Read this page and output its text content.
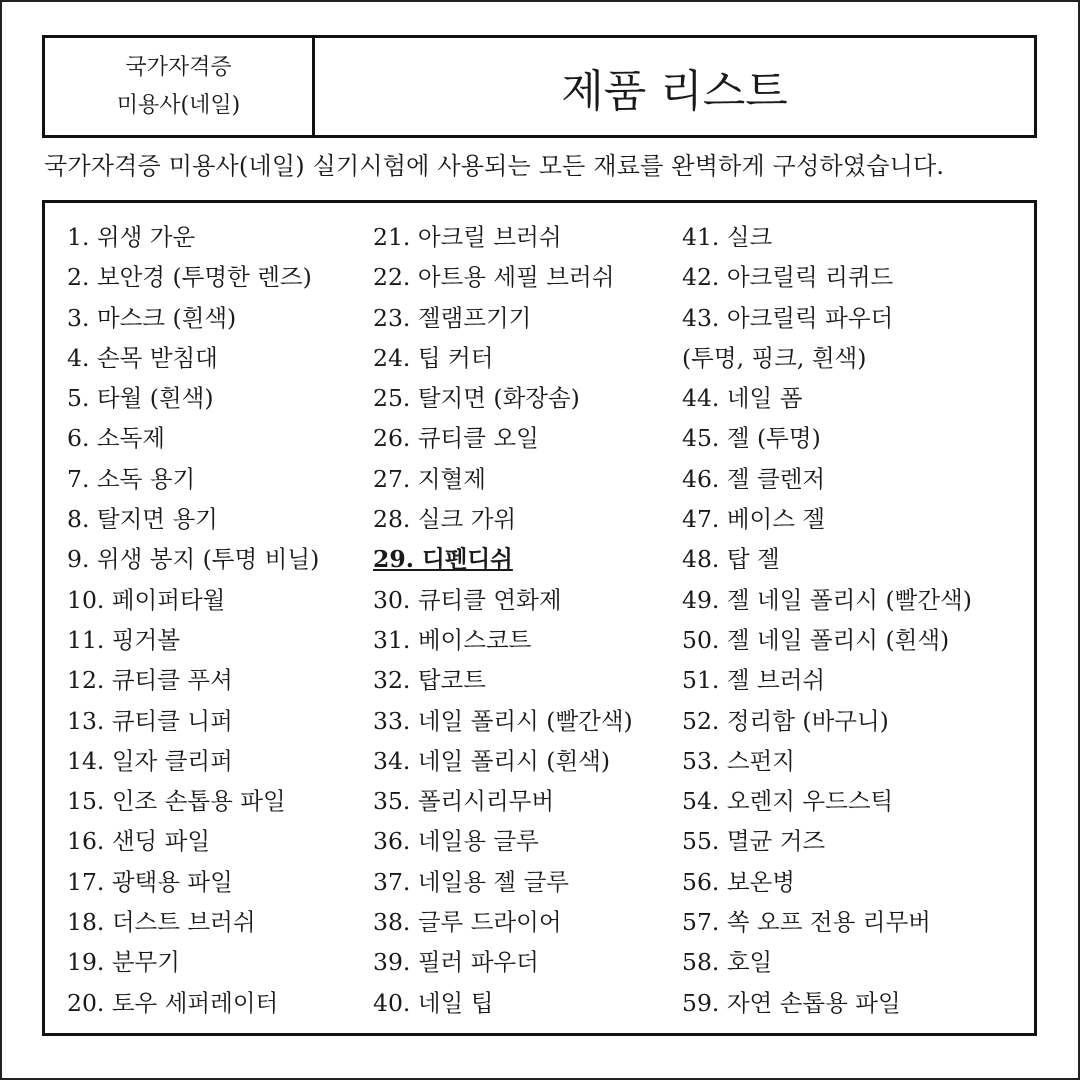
국가자격증
미용사(네일)	제품 리스트
국가자격증 미용사(네일) 실기시험에 사용되는 모든 재료를 완벽하게 구성하였습니다.
1. 위생 가운
2. 보안경 (투명한 렌즈)
3. 마스크 (흰색)
4. 손목 받침대
5. 타월 (흰색)
6. 소독제
7. 소독 용기
8. 탈지면 용기
9. 위생 봉지 (투명 비닐)
10. 페이퍼타월
11. 핑거볼
12. 큐티클 푸셔
13. 큐티클 니퍼
14. 일자 클리퍼
15. 인조 손톱용 파일
16. 샌딩 파일
17. 광택용 파일
18. 더스트 브러쉬
19. 분무기
20. 토우 세퍼레이터
21. 아크릴 브러쉬
22. 아트용 세필 브러쉬
23. 젤램프기기
24. 팁 커터
25. 탈지면 (화장솜)
26. 큐티클 오일
27. 지혈제
28. 실크 가위
29. 디펜디쉬
30. 큐티클 연화제
31. 베이스코트
32. 탑코트
33. 네일 폴리시 (빨간색)
34. 네일 폴리시 (흰색)
35. 폴리시리무버
36. 네일용 글루
37. 네일용 젤 글루
38. 글루 드라이어
39. 필러 파우더
40. 네일 팁
41. 실크
42. 아크릴릭 리퀴드
43. 아크릴릭 파우더
(투명, 핑크, 흰색)
44. 네일 폼
45. 젤 (투명)
46. 젤 클렌저
47. 베이스 젤
48. 탑 젤
49. 젤 네일 폴리시 (빨간색)
50. 젤 네일 폴리시 (흰색)
51. 젤 브러쉬
52. 정리함 (바구니)
53. 스펀지
54. 오렌지 우드스틱
55. 멸균 거즈
56. 보온병
57. 쏙 오프 전용 리무버
58. 호일
59. 자연 손톱용 파일
